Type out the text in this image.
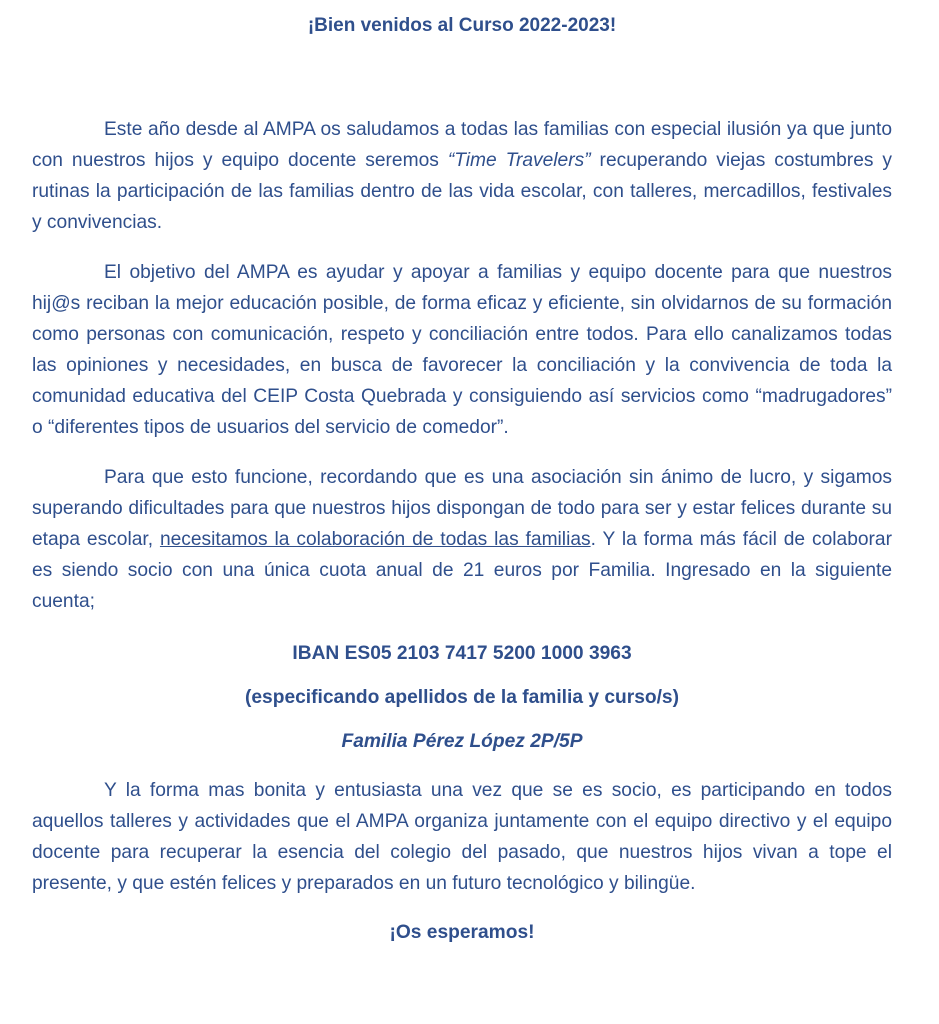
¡Bien venidos al Curso 2022-2023!

Este año desde al AMPA os saludamos a todas las familias con especial ilusión ya que junto con nuestros hijos y equipo docente seremos “Time Travelers” recuperando viejas costumbres y rutinas la participación de las familias dentro de las vida escolar, con talleres, mercadillos, festivales y convivencias.

El objetivo del AMPA es ayudar y apoyar a familias y equipo docente para que nuestros hij@s reciban la mejor educación posible, de forma eficaz y eficiente, sin olvidarnos de su formación como personas con comunicación, respeto y conciliación entre todos. Para ello canalizamos todas las opiniones y necesidades, en busca de favorecer la conciliación y la convivencia de toda la comunidad educativa del CEIP Costa Quebrada y consiguiendo así servicios como “madrugadores” o “diferentes tipos de usuarios del servicio de comedor”.

Para que esto funcione, recordando que es una asociación sin ánimo de lucro, y sigamos superando dificultades para que nuestros hijos dispongan de todo para ser y estar felices durante su etapa escolar, necesitamos la colaboración de todas las familias. Y la forma más fácil de colaborar es siendo socio con una única cuota anual de 21 euros por Familia. Ingresado en la siguiente cuenta;

IBAN ES05 2103 7417 5200 1000 3963

(especificando apellidos de la familia y curso/s)

Familia Pérez López 2P/5P

Y la forma mas bonita y entusiasta una vez que se es socio, es participando en todos aquellos talleres y actividades que el AMPA organiza juntamente con el equipo directivo y el equipo docente para recuperar la esencia del colegio del pasado, que nuestros hijos vivan a tope el presente, y que estén felices y preparados en un futuro tecnológico y bilingüe.

¡Os esperamos!
